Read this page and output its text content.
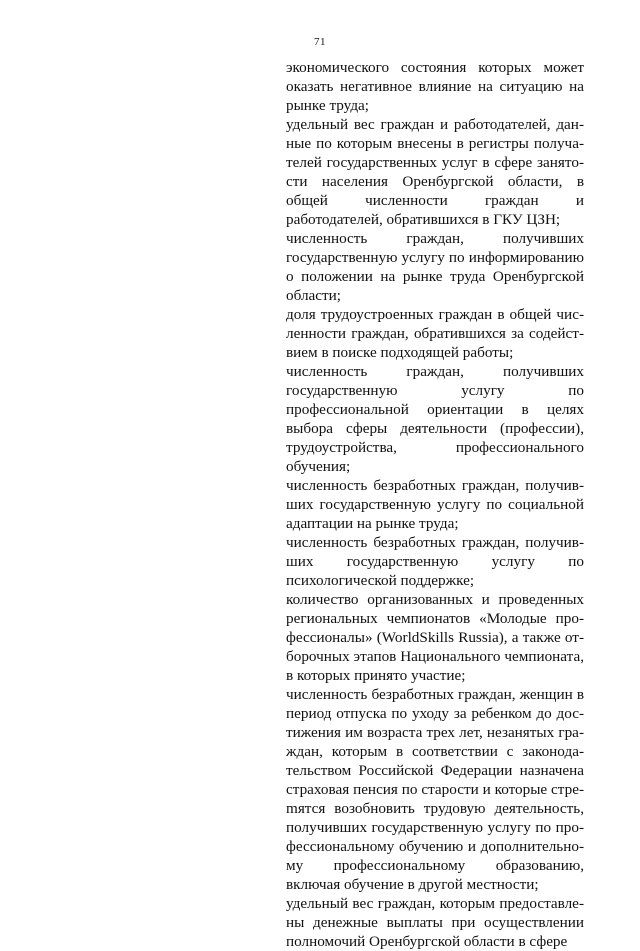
71

экономического состояния которых может оказать негативное влияние на ситуацию на рынке труда;

удельный вес граждан и работодателей, данные по которым внесены в регистры получателей государственных услуг в сфере занятости населения Оренбургской области, в общей численности граждан и работодателей, обратившихся в ГКУ ЦЗН;

численность граждан, получивших государственную услугу по информированию о положении на рынке труда Оренбургской области;

доля трудоустроенных граждан в общей численности граждан, обратившихся за содействием в поиске подходящей работы;

численность граждан, получивших государственную услугу по профессиональной ориентации в целях выбора сферы деятельности (профессии), трудоустройства, профессионального обучения;

численность безработных граждан, получивших государственную услугу по социальной адаптации на рынке труда;

численность безработных граждан, получивших государственную услугу по психологической поддержке;

количество организованных и проведенных региональных чемпионатов «Молодые профессионалы» (WorldSkills Russia), а также отборочных этапов Национального чемпионата, в которых принято участие;

численность безработных граждан, женщин в период отпуска по уходу за ребенком до достижения им возраста трех лет, незанятых граждан, которым в соответствии с законодательством Российской Федерации назначена страховая пенсия по старости и которые стреmятся возобновить трудовую деятельность, получивших государственную услугу по профессиональному обучению и дополнительному профессиональному образованию, включая обучение в другой местности;

удельный вес граждан, которым предоставлены денежные выплаты при осуществлении полномочий Оренбургской области в сфере
